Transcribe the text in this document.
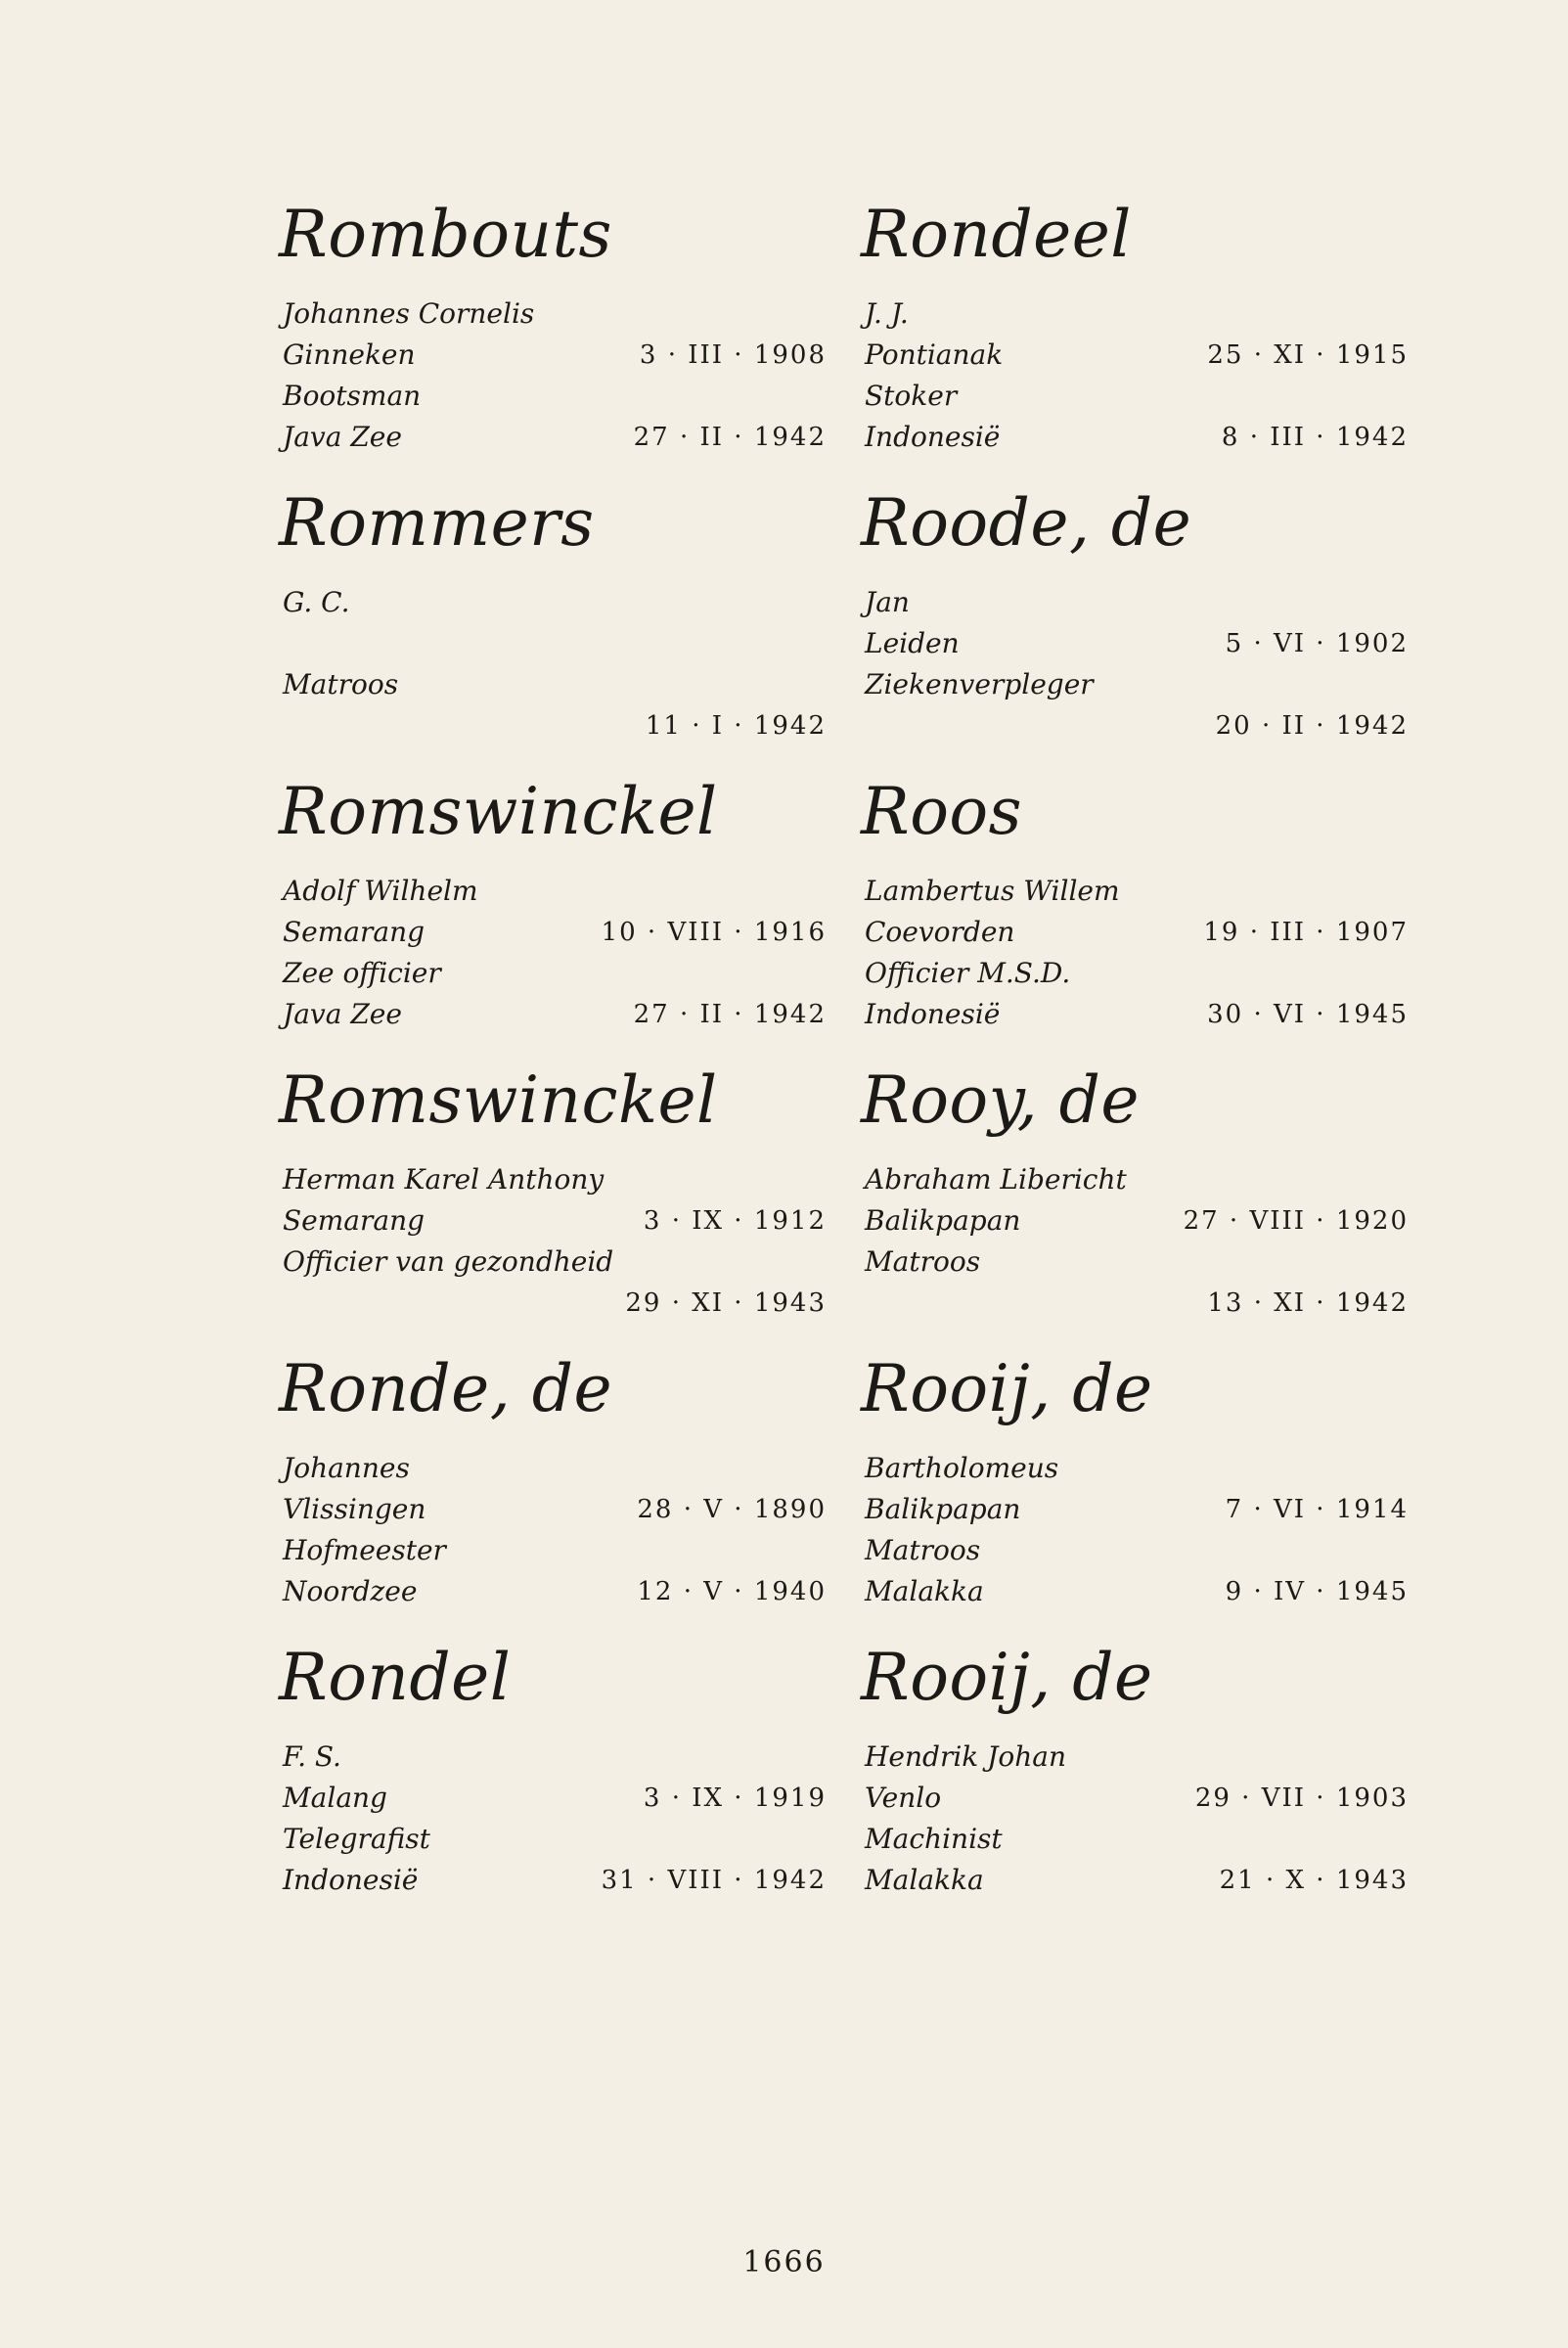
Rombouts
Johannes Cornelis
Ginneken	3 · III · 1908
Bootsman
Java Zee	27 · II · 1942
Rommers
G. C.
Matroos
11 · I · 1942
Romswinckel
Adolf Wilhelm
Semarang	10 · VIII · 1916
Zee officier
Java Zee	27 · II · 1942
Romswinckel
Herman Karel Anthony
Semarang	3 · IX · 1912
Officier van gezondheid
29 · XI · 1943
Ronde, de
Johannes
Vlissingen	28 · V · 1890
Hofmeester
Noordzee	12 · V · 1940
Rondel
F. S.
Malang	3 · IX · 1919
Telegrafist
Indonesië	31 · VIII · 1942
Rondeel
J. J.
Pontianak	25 · XI · 1915
Stoker
Indonesië	8 · III · 1942
Roode, de
Jan
Leiden	5 · VI · 1902
Ziekenverpleger
20 · II · 1942
Roos
Lambertus Willem
Coevorden	19 · III · 1907
Officier M.S.D.
Indonesië	30 · VI · 1945
Rooy, de
Abraham Libericht
Balikpapan	27 · VIII · 1920
Matroos
13 · XI · 1942
Rooij, de
Bartholomeus
Balikpapan	7 · VI · 1914
Matroos
Malakka	9 · IV · 1945
Rooij, de
Hendrik Johan
Venlo	29 · VII · 1903
Machinist
Malakka	21 · X · 1943
1666
